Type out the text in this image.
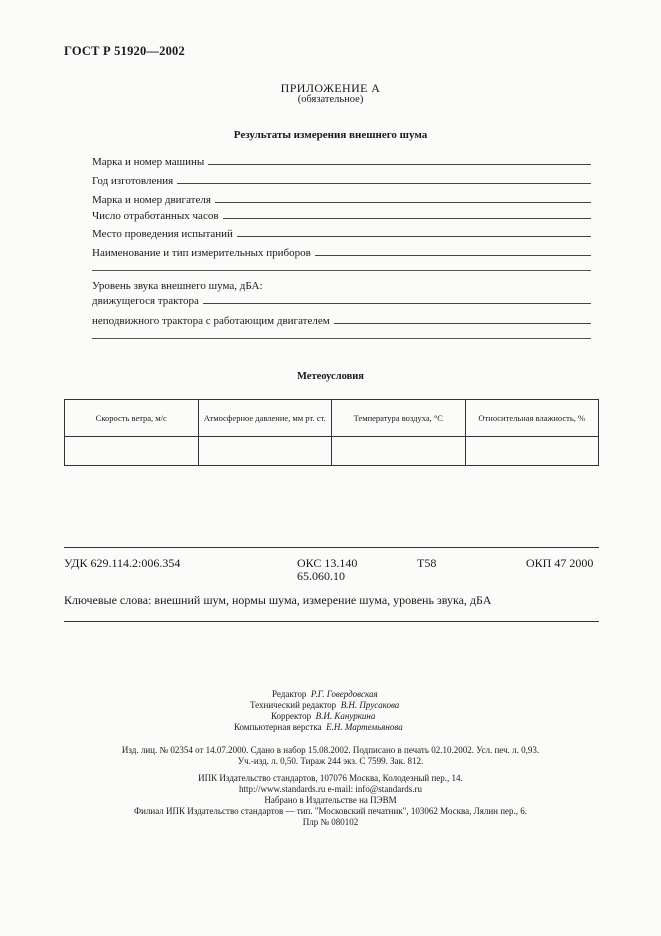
ГОСТ Р 51920—2002
ПРИЛОЖЕНИЕ А
(обязательное)
Результаты измерения внешнего шума
Марка и номер машины
Год изготовления
Марка и номер двигателя
Число отработанных часов
Место проведения испытаний
Наименование и тип измерительных приборов
Уровень звука внешнего шума, дБА:
движущегося трактора
неподвижного трактора с работающим двигателем
Метеоусловия
Скорость ветра, м/с	Атмосферное давление, мм рт. ст.	Температура воздуха, °С	Относительная влажность, %

УДК 629.114.2:006.354	ОКС 13.140
65.060.10
Т58	ОКП 47 2000
Ключевые слова: внешний шум, нормы шума, измерение шума, уровень звука, дБА
Редактор Р.Г. Говердовская
Технический редактор В.Н. Прусакова
Корректор В.И. Кануркина
Компьютерная верстка Е.Н. Мартемьянова
Изд. лиц. № 02354 от 14.07.2000. Сдано в набор 15.08.2002. Подписано в печать 02.10.2002. Усл. печ. л. 0,93.
Уч.-изд. л. 0,50. Тираж 244 экз. С 7599. Зак. 812.
ИПК Издательство стандартов, 107076 Москва, Колодезный пер., 14.
http://www.standards.ru e-mail: info@standards.ru
Набрано в Издательстве на ПЭВМ
Филиал ИПК Издательство стандартов — тип. "Московский печатник", 103062 Москва, Лялин пер., 6.
Плр № 080102
